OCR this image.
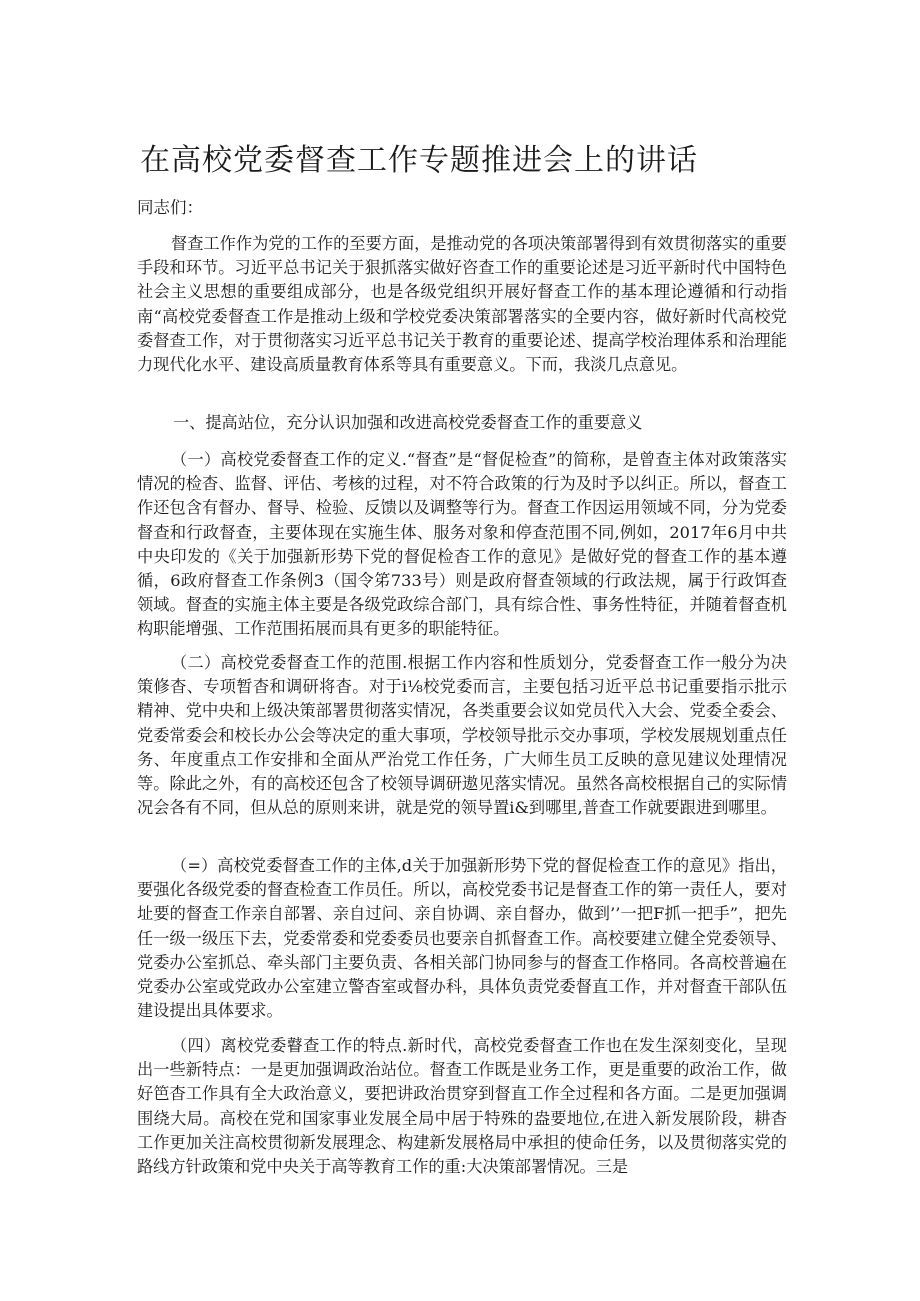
在高校党委督查工作专题推进会上的讲话

同志们：

督查工作作为党的工作的至要方面，是推动党的各项决策部署得到有效贯彻落实的重要手段和环节。习近平总书记关于狠抓落实做好咨查工作的重要论述是习近平新时代中国特色社会主义思想的重要组成部分，也是各级党组织开展好督查工作的基本理论遵循和行动指南“高校党委督查工作是推动上级和学校党委决策部署落实的全要内容，做好新时代高校党委督查工作，对于贯彻落实习近平总书记关于教育的重要论述、提高学校治理体系和治理能力现代化水平、建设高质量教育体系等具有重要意义。下而，我淡几点意见。

一、提高站位，充分认识加强和改进高校党委督查工作的重要意义

（一）高校党委督查工作的定义.“督查”是“督促检查”的简称，是曾查主体对政策落实情况的检杳、监督、评估、考核的过程，对不符合政策的行为及时予以纠正。所以，督查工作还包含有督办、督导、检验、反馈以及调整等行为。督查工作因运用领域不同，分为党委督查和行政督查，主要体现在实施生体、服务对象和停查范围不同,例如，2017年6月中共中央印发的《关于加强新形势下党的督促检杳工作的意见》是做好党的督查工作的基本遵循，6政府督查工作条例3（国令笫733号）则是政府督查领域的行政法规，属于行政饵查领域。督查的实施主体主要是各级党政综合部门，具有综合性、事务性特征，并随着督查机构职能增强、工作范围拓展而具有更多的职能特征。

（二）高校党委督查工作的范围.根据工作内容和性质划分，党委督查工作一般分为决策修杳、专项暂杳和调研将杳。对于i⅛校党委而言，主要包括习近平总书记重要指示批示精神、党中央和上级决策部署贯彻落实情况，各类重要会议如党员代入大会、党委全委会、党委常委会和校长办公会等决定的重大事项，学校领导批示交办事项，学校发展规划重点任务、年度重点工作安排和全面从严治党工作任务，广大师生员工反映的意见建议处理情况等。除此之外，有的高校还包含了校领导调研遨见落实情况。虽然各高校根据自己的实际情况会各有不同，但从总的原则来讲，就是党的领导置i&到哪里,普查工作就要跟进到哪里。

（=）高校党委督查工作的主体,d关于加强新形势下党的督促检查工作的意见》指出，要强化各级党委的督查检查工作员任。所以，高校党委书记是督查工作的第一责任人，要对址要的督查工作亲自部署、亲自过问、亲自协调、亲自督办，做到’’一把F抓一把手”，把先任一级一级压下去，党委常委和党委委员也要亲自抓督查工作。高校要建立健全党委领导、党委办公室抓总、牵头部门主要负责、各相关部门协同参与的督查工作格同。各高校普遍在党委办公室或党政办公室建立警杳室或督办科，具体负责党委督直工作，并对督查干部队伍建设提出具体要求。

（四）离校党委瞽查工作的特点.新时代，高校党委督查工作也在发生深刻变化，呈现出一些新特点：一是更加强调政治站位。督查工作既是业务工作，更是重要的政治工作，做好笆杳工作具有全大政治意义，要把讲政治贯穿到督直工作全过程和各方面。二是更加强调围绕大局。高校在党和国家事业发展全局中居于特殊的盎要地位,在进入新发展阶段，耕杳工作更加关注高校贯彻新发展理念、构建新发展格局中承担的使命任务，以及贯彻落实党的路线方针政策和党中央关于高等教育工作的重:大决策部署情况。三是
